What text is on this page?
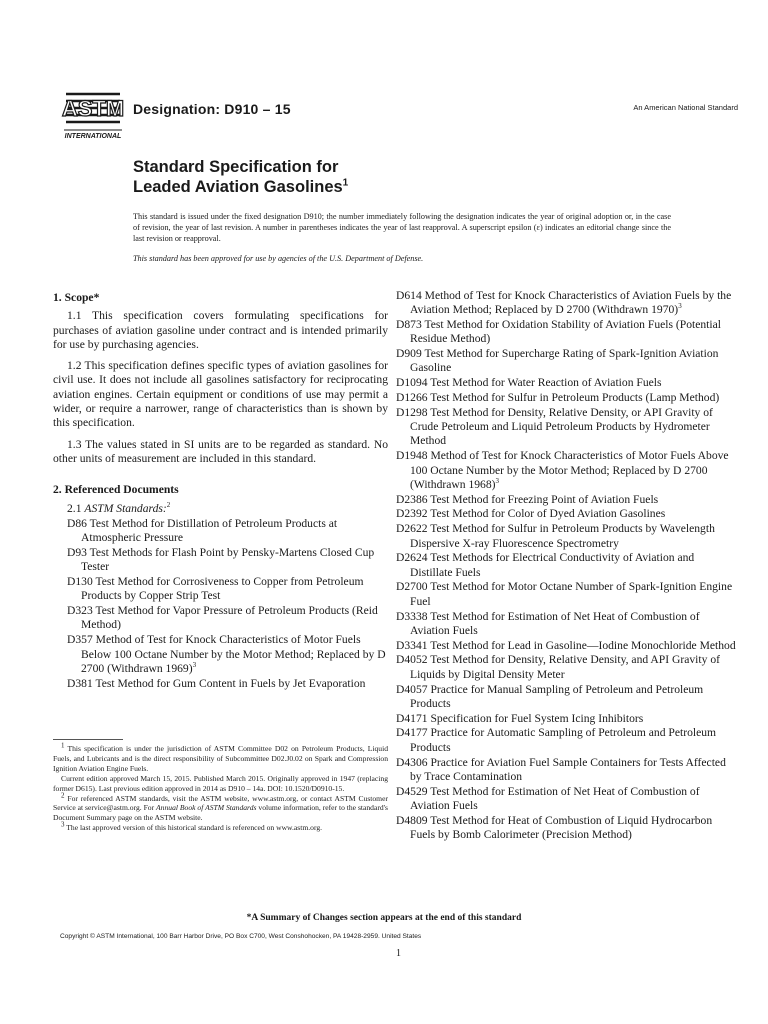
ASTM
INTERNATIONAL
Designation: D910 – 15	An American National Standard
Standard Specification for
Leaded Aviation Gasolines$^1$
This standard is issued under the fixed designation D910; the number immediately following the designation indicates the year of original adoption or, in the case of revision, the year of last revision. A number in parentheses indicates the year of last reapproval. A superscript epsilon (ε) indicates an editorial change since the last revision or reapproval.
This standard has been approved for use by agencies of the U.S. Department of Defense.
1. Scope*

1.1 This specification covers formulating specifications for purchases of aviation gasoline under contract and is intended primarily for use by purchasing agencies.

1.2 This specification defines specific types of aviation gasolines for civil use. It does not include all gasolines satisfactory for reciprocating aviation engines. Certain equipment or conditions of use may permit a wider, or require a narrower, range of characteristics than is shown by this specification.

1.3 The values stated in SI units are to be regarded as standard. No other units of measurement are included in this standard.

2. Referenced Documents
2.1 ASTM Standards:$^2$
D86 Test Method for Distillation of Petroleum Products at Atmospheric Pressure
D93 Test Methods for Flash Point by Pensky-Martens Closed Cup Tester
D130 Test Method for Corrosiveness to Copper from Petroleum Products by Copper Strip Test
D323 Test Method for Vapor Pressure of Petroleum Products (Reid Method)
D357 Method of Test for Knock Characteristics of Motor Fuels Below 100 Octane Number by the Motor Method; Replaced by D 2700 (Withdrawn 1969)$^3$
D381 Test Method for Gum Content in Fuels by Jet Evaporation
D614 Method of Test for Knock Characteristics of Aviation Fuels by the Aviation Method; Replaced by D 2700 (Withdrawn 1970)$^3$
D873 Test Method for Oxidation Stability of Aviation Fuels (Potential Residue Method)
D909 Test Method for Supercharge Rating of Spark-Ignition Aviation Gasoline
D1094 Test Method for Water Reaction of Aviation Fuels
D1266 Test Method for Sulfur in Petroleum Products (Lamp Method)
D1298 Test Method for Density, Relative Density, or API Gravity of Crude Petroleum and Liquid Petroleum Products by Hydrometer Method
D1948 Method of Test for Knock Characteristics of Motor Fuels Above 100 Octane Number by the Motor Method; Replaced by D 2700 (Withdrawn 1968)$^3$
D2386 Test Method for Freezing Point of Aviation Fuels
D2392 Test Method for Color of Dyed Aviation Gasolines
D2622 Test Method for Sulfur in Petroleum Products by Wavelength Dispersive X-ray Fluorescence Spectrometry
D2624 Test Methods for Electrical Conductivity of Aviation and Distillate Fuels
D2700 Test Method for Motor Octane Number of Spark-Ignition Engine Fuel
D3338 Test Method for Estimation of Net Heat of Combustion of Aviation Fuels
D3341 Test Method for Lead in Gasoline—Iodine Monochloride Method
D4052 Test Method for Density, Relative Density, and API Gravity of Liquids by Digital Density Meter
D4057 Practice for Manual Sampling of Petroleum and Petroleum Products
D4171 Specification for Fuel System Icing Inhibitors
D4177 Practice for Automatic Sampling of Petroleum and Petroleum Products
D4306 Practice for Aviation Fuel Sample Containers for Tests Affected by Trace Contamination
D4529 Test Method for Estimation of Net Heat of Combustion of Aviation Fuels
D4809 Test Method for Heat of Combustion of Liquid Hydrocarbon Fuels by Bomb Calorimeter (Precision Method)

$^1$ This specification is under the jurisdiction of ASTM Committee D02 on Petroleum Products, Liquid Fuels, and Lubricants and is the direct responsibility of Subcommittee D02.J0.02 on Spark and Compression Ignition Aviation Engine Fuels.

Current edition approved March 15, 2015. Published March 2015. Originally approved in 1947 (replacing former D615). Last previous edition approved in 2014 as D910 – 14a. DOI: 10.1520/D0910-15.

$^2$ For referenced ASTM standards, visit the ASTM website, www.astm.org, or contact ASTM Customer Service at service@astm.org. For Annual Book of ASTM Standards volume information, refer to the standard's Document Summary page on the ASTM website.

$^3$ The last approved version of this historical standard is referenced on www.astm.org.

*A Summary of Changes section appears at the end of this standard
Copyright © ASTM International, 100 Barr Harbor Drive, PO Box C700, West Conshohocken, PA 19428-2959. United States
1
